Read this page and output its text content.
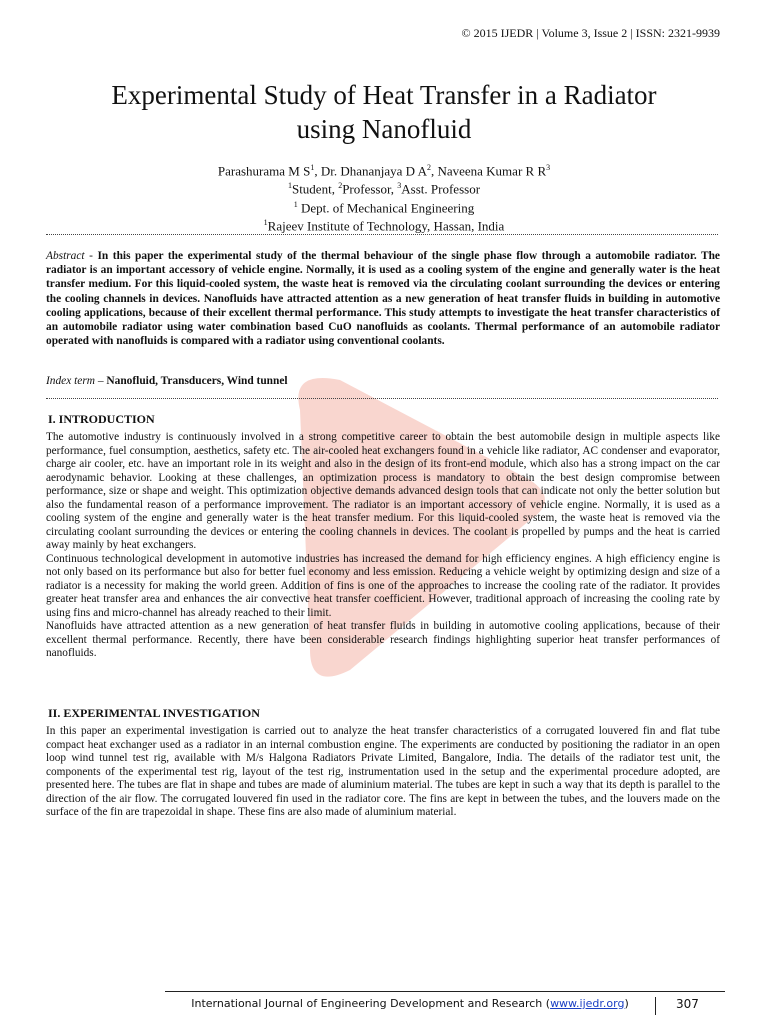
© 2015 IJEDR | Volume 3, Issue 2 | ISSN: 2321-9939
Experimental Study of Heat Transfer in a Radiator
using Nanofluid
Parashurama M $S^1$, Dr. Dhananjaya D $A^2$, Naveena Kumar R $R^3$
$^1$Student, $^2$Professor, $^3$Asst. Professor
$^1$ Dept. of Mechanical Engineering
$^1$Rajeev Institute of Technology, Hassan, India
Abstract - In this paper the experimental study of the thermal behaviour of the single phase flow through a automobile radiator. The radiator is an important accessory of vehicle engine. Normally, it is used as a cooling system of the engine and generally water is the heat transfer medium. For this liquid-cooled system, the waste heat is removed via the circulating coolant surrounding the devices or entering the cooling channels in devices. Nanofluids have attracted attention as a new generation of heat transfer fluids in building in automotive cooling applications, because of their excellent thermal performance. This study attempts to investigate the heat transfer characteristics of an automobile radiator using water combination based CuO nanofluids as coolants. Thermal performance of an automobile radiator operated with nanofluids is compared with a radiator using conventional coolants.
Index term – Nanofluid, Transducers, Wind tunnel
I. INTRODUCTION

The automotive industry is continuously involved in a strong competitive career to obtain the best automobile design in multiple aspects like performance, fuel consumption, aesthetics, safety etc. The air-cooled heat exchangers found in a vehicle like radiator, AC condenser and evaporator, charge air cooler, etc. have an important role in its weight and also in the design of its front-end module, which also has a strong impact on the car aerodynamic behavior. Looking at these challenges, an optimization process is mandatory to obtain the best design compromise between performance, size or shape and weight. This optimization objective demands advanced design tools that can indicate not only the better solution but also the fundamental reason of a performance improvement. The radiator is an important accessory of vehicle engine. Normally, it is used as a cooling system of the engine and generally water is the heat transfer medium. For this liquid-cooled system, the waste heat is removed via the circulating coolant surrounding the devices or entering the cooling channels in devices. The coolant is propelled by pumps and the heat is carried away mainly by heat exchangers.

Continuous technological development in automotive industries has increased the demand for high efficiency engines. A high efficiency engine is not only based on its performance but also for better fuel economy and less emission. Reducing a vehicle weight by optimizing design and size of a radiator is a necessity for making the world green. Addition of fins is one of the approaches to increase the cooling rate of the radiator. It provides greater heat transfer area and enhances the air convective heat transfer coefficient. However, traditional approach of increasing the cooling rate by using fins and micro-channel has already reached to their limit.

Nanofluids have attracted attention as a new generation of heat transfer fluids in building in automotive cooling applications, because of their excellent thermal performance. Recently, there have been considerable research findings highlighting superior heat transfer performances of nanofluids.

II. EXPERIMENTAL INVESTIGATION

In this paper an experimental investigation is carried out to analyze the heat transfer characteristics of a corrugated louvered fin and flat tube compact heat exchanger used as a radiator in an internal combustion engine. The experiments are conducted by positioning the radiator in an open loop wind tunnel test rig, available with M/s Halgona Radiators Private Limited, Bangalore, India. The details of the radiator test unit, the components of the experimental test rig, layout of the test rig, instrumentation used in the setup and the experimental procedure adopted, are presented here. The tubes are flat in shape and tubes are made of aluminium material. The tubes are kept in such a way that its depth is parallel to the direction of the air flow. The corrugated louvered fin used in the radiator core. The fins are kept in between the tubes, and the louvers made on the surface of the fin are trapezoidal in shape. These fins are also made of aluminium material.

International Journal of Engineering Development and Research (www.ijedr.org)	307
